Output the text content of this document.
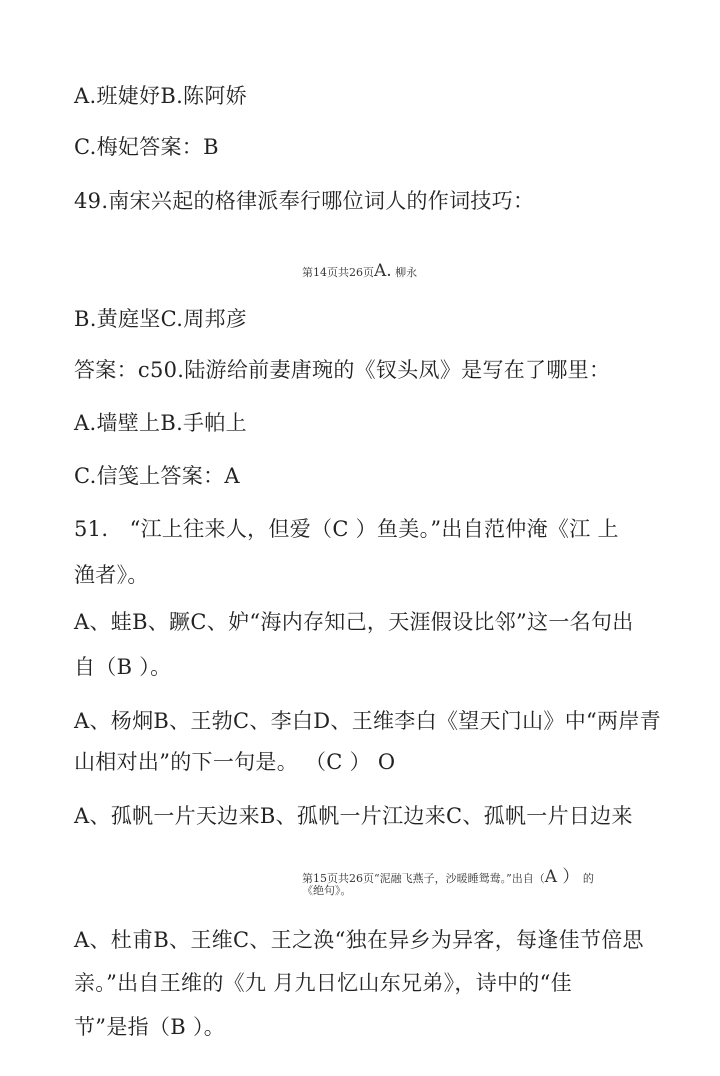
A.班婕妤B.陈阿娇
C.梅妃答案：B
49.南宋兴起的格律派奉行哪位词人的作词技巧：
第14页共26页A. 柳永
B.黄庭坚C.周邦彦
答案：c50.陆游给前妻唐琬的《钗头凤》是写在了哪里：
A.墙壁上B.手帕上
C.信笺上答案：A
51.　“江上往来人，但爱（C ）鱼美。”出自范仲淹《江 上
渔者》。
A、蛙B、蹶C、妒“海内存知己，天涯假设比邻”这一名句出
自（B ）。
A、杨炯B、王勃C、李白D、王维李白《望天门山》中“两岸青
山相对出”的下一句是。 （C ） O
A、孤帆一片天边来B、孤帆一片江边来C、孤帆一片日边来
第15页共26页“泥融飞燕子，沙暖睡鸳鸯。”出自（A ） 的
《绝句》。
A、杜甫B、王维C、王之涣“独在异乡为异客，每逢佳节倍思
亲。”出自王维的《九 月九日忆山东兄弟》，诗中的“佳
节”是指（B ）。
